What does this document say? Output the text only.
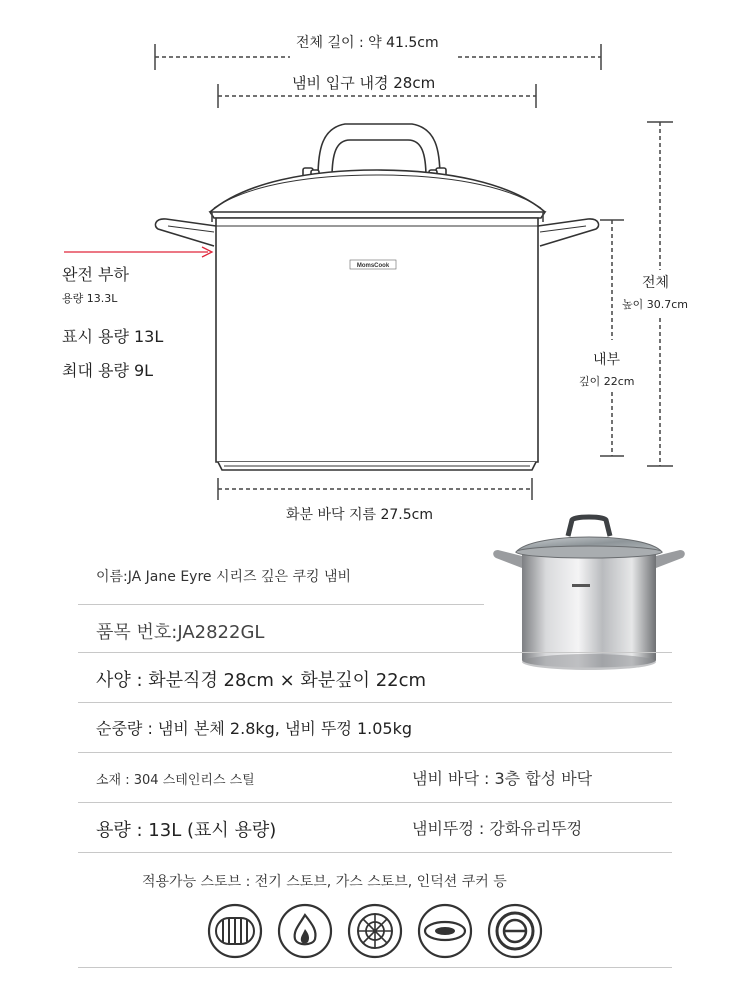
MomsCook
전체 길이 : 약 41.5cm
냄비 입구 내경 28cm
전체
높이 30.7cm
내부
깊이 22cm
화분 바닥 지름 27.5cm
완전 부하
용량 13.3L
표시 용량 13L
최대 용량 9L
이름:JA Jane Eyre 시리즈 깊은 쿠킹 냄비
품목 번호:JA2822GL
사양 : 화분직경 28cm × 화분깊이 22cm
순중량 : 냄비 본체 2.8kg, 냄비 뚜껑 1.05kg
소재 : 304 스테인리스 스틸	냄비 바닥 : 3층 합성 바닥
용량 : 13L (표시 용량)	냄비뚜껑 : 강화유리뚜껑
적용가능 스토브 : 전기 스토브, 가스 스토브, 인덕션 쿠커 등
